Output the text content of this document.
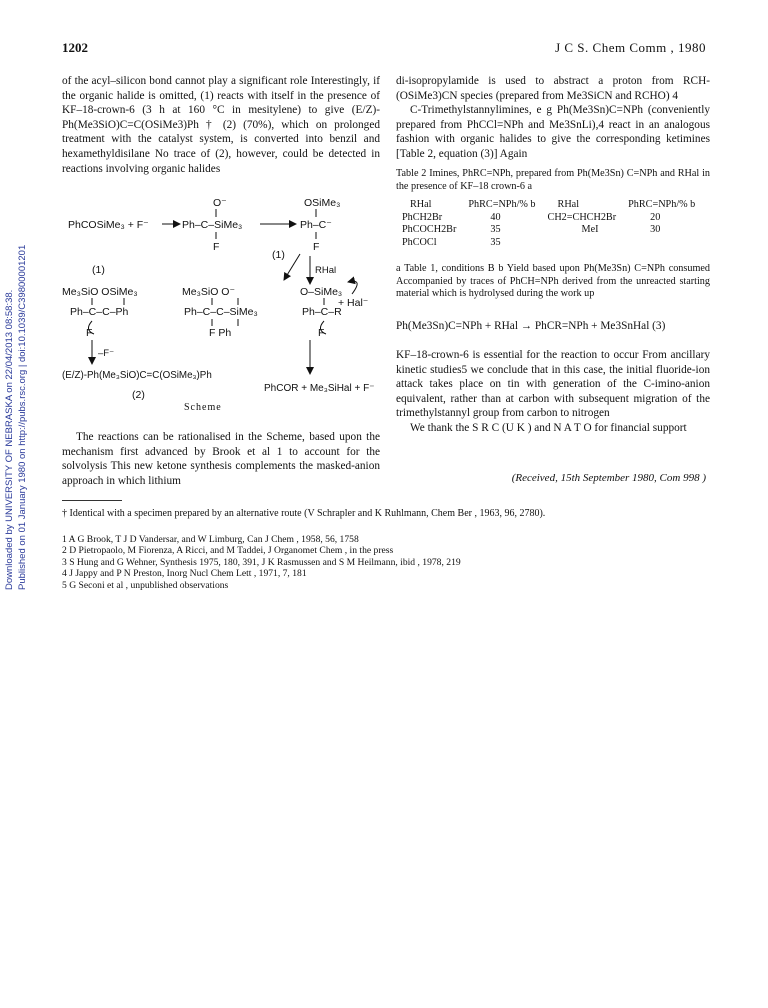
Downloaded by UNIVERSITY OF NEBRASKA on 22/04/2013 08:58:38. Published on 01 January 1980 on http://pubs.rsc.org | doi:10.1039/C39800001201
1202	J C S. Chem Comm , 1980

of the acyl–silicon bond cannot play a significant role Interestingly, if the organic halide is omitted, (1) reacts with itself in the presence of KF–18-crown-6 (3 h at 160 °C in mesitylene) to give (E/Z)-Ph(Me3SiO)C=C(OSiMe3)Ph † (2) (70%), which on prolonged treatment with the catalyst system, is converted into benzil and hexamethyldisilane No trace of (2), however, could be detected in reactions involving organic halides

O⁻	OSiMe₃
PhCOSiMe₃ + F⁻	Ph–C–SiMe₃	Ph–C⁻
F	F
(1)
(1)
RHal
Me₃SiO OSiMe₃	Me₃SiO O⁻	O–SiMe₃
Ph–C–C–Ph	Ph–C–C–SiMe₃	Ph–C–R
+ Hal⁻
F Ph
F	F
–F⁻
(E/Z)-Ph(Me₃SiO)C=C(OSiMe₃)Ph
(2)
PhCOR + Me₃SiHal + F⁻
Scheme

The reactions can be rationalised in the Scheme, based upon the mechanism first advanced by Brook et al 1 to account for the solvolysis This new ketone synthesis complements the masked-anion approach in which lithium

di-isopropylamide is used to abstract a proton from RCH-(OSiMe3)CN species (prepared from Me3SiCN and RCHO) 4

C-Trimethylstannylimines, e g Ph(Me3Sn)C=NPh (conveniently prepared from PhCCl=NPh and Me3SnLi),4 react in an analogous fashion with organic halides to give the corresponding ketimines [Table 2, equation (3)] Again

Table 2 Imines, PhRC=NPh, prepared from Ph(Me3Sn) C=NPh and RHal in the presence of KF–18 crown-6 a
RHal	PhRC=NPh/% b	RHal	PhRC=NPh/% b
PhCH2Br	40	CH2=CHCH2Br	20
PhCOCH2Br	35	MeI	30
PhCOCl	35		
a Table 1, conditions B b Yield based upon Ph(Me3Sn) C=NPh consumed Accompanied by traces of PhCH=NPh derived from the unreacted starting material which is hydrolysed during the work up
Ph(Me3Sn)C=NPh + RHal → PhCR=NPh + Me3SnHal (3)

KF–18-crown-6 is essential for the reaction to occur From ancillary kinetic studies5 we conclude that in this case, the initial fluoride-ion attack takes place on tin with generation of the C-imino-anion equivalent, rather than at carbon with subsequent migration of the trimethylstannyl group from carbon to nitrogen

We thank the S R C (U K ) and N A T O for financial support

(Received, 15th September 1980, Com 998 )
† Identical with a specimen prepared by an alternative route (V Schrapler and K Ruhlmann, Chem Ber , 1963, 96, 2780).
1 A G Brook, T J D Vandersar, and W Limburg, Can J Chem , 1958, 56, 1758
2 D Pietropaolo, M Fiorenza, A Ricci, and M Taddei, J Organomet Chem , in the press
3 S Hung and G Wehner, Synthesis 1975, 180, 391, J K Rasmussen and S M Heilmann, ibid , 1978, 219
4 J Jappy and P N Preston, Inorg Nucl Chem Lett , 1971, 7, 181
5 G Seconi et al , unpublished observations
